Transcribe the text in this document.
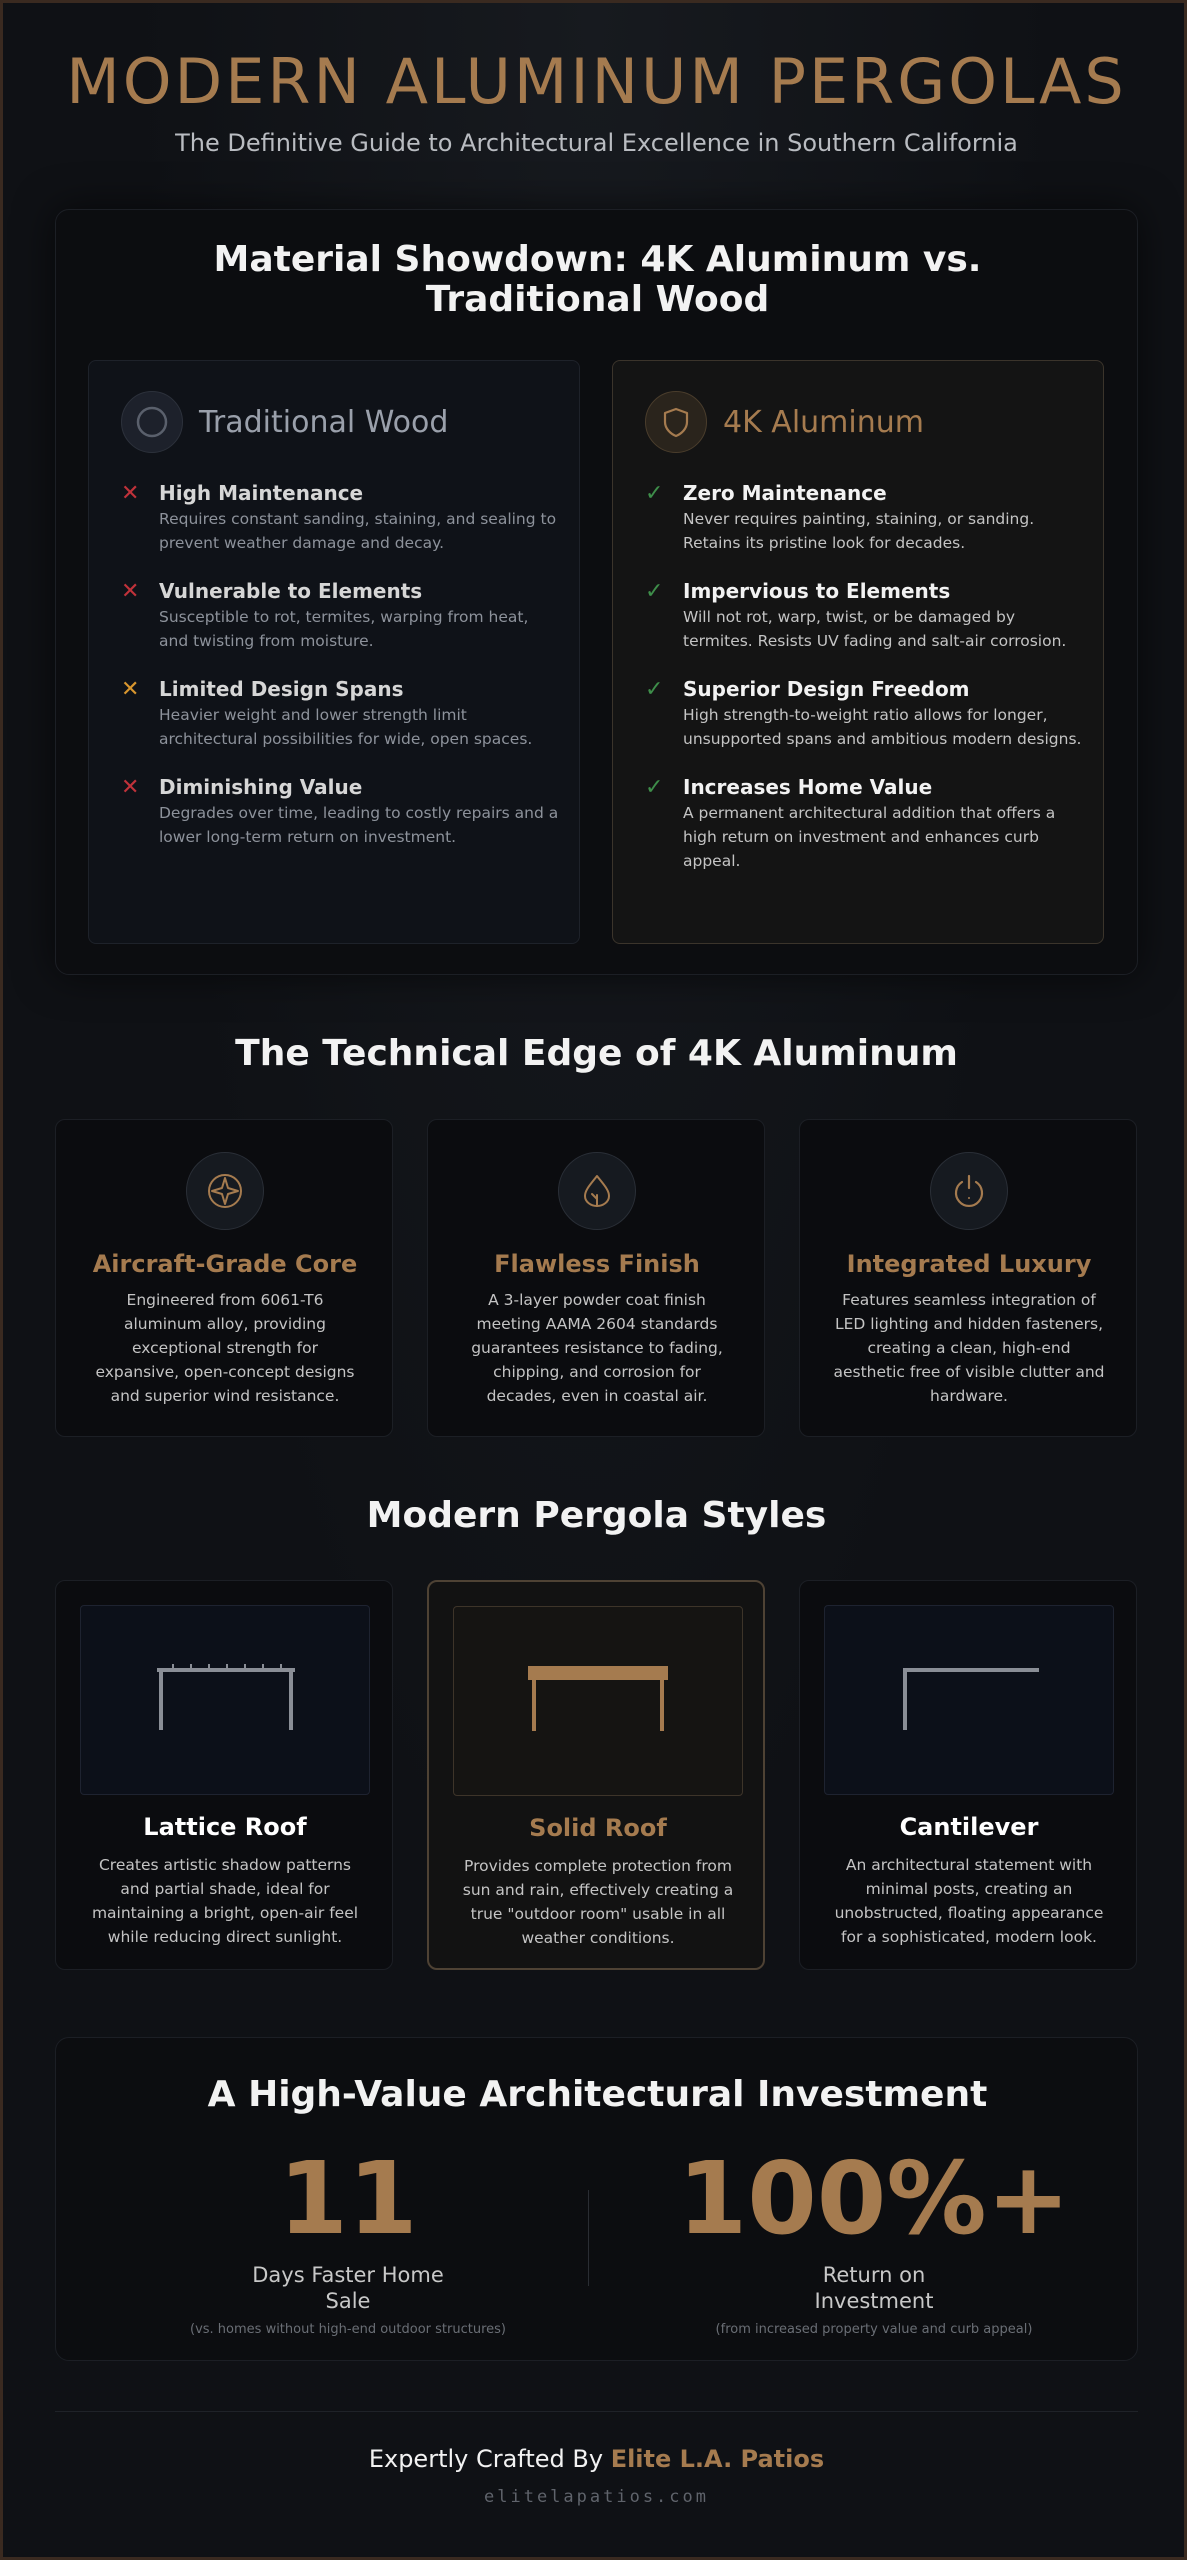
MODERN ALUMINUM PERGOLAS
The Definitive Guide to Architectural Excellence in Southern California
Material Showdown: 4K Aluminum vs. Traditional Wood
Traditional Wood
✕ High Maintenance
Requires constant sanding, staining, and sealing to prevent weather damage and decay.
✕ Vulnerable to Elements
Susceptible to rot, termites, warping from heat, and twisting from moisture.
✕ Limited Design Spans
Heavier weight and lower strength limit architectural possibilities for wide, open spaces.
✕ Diminishing Value
Degrades over time, leading to costly repairs and a lower long-term return on investment.
4K Aluminum
✓ Zero Maintenance
Never requires painting, staining, or sanding. Retains its pristine look for decades.
✓ Impervious to Elements
Will not rot, warp, twist, or be damaged by termites. Resists UV fading and salt-air corrosion.
✓ Superior Design Freedom
High strength-to-weight ratio allows for longer, unsupported spans and ambitious modern designs.
✓ Increases Home Value
A permanent architectural addition that offers a high return on investment and enhances curb appeal.
The Technical Edge of 4K Aluminum
Aircraft-Grade Core
Engineered from 6061-T6 aluminum alloy, providing exceptional strength for expansive, open-concept designs and superior wind resistance.
Flawless Finish
A 3-layer powder coat finish meeting AAMA 2604 standards guarantees resistance to fading, chipping, and corrosion for decades, even in coastal air.
Integrated Luxury
Features seamless integration of LED lighting and hidden fasteners, creating a clean, high-end aesthetic free of visible clutter and hardware.
Modern Pergola Styles
Lattice Roof
Creates artistic shadow patterns and partial shade, ideal for maintaining a bright, open-air feel while reducing direct sunlight.
Solid Roof
Provides complete protection from sun and rain, effectively creating a true "outdoor room" usable in all weather conditions.
Cantilever
An architectural statement with minimal posts, creating an unobstructed, floating appearance for a sophisticated, modern look.
A High-Value Architectural Investment
11
Days Faster Home Sale
(vs. homes without high-end outdoor structures)
100%+
Return on Investment
(from increased property value and curb appeal)
Expertly Crafted By Elite L.A. Patios
elitelapatios.com
